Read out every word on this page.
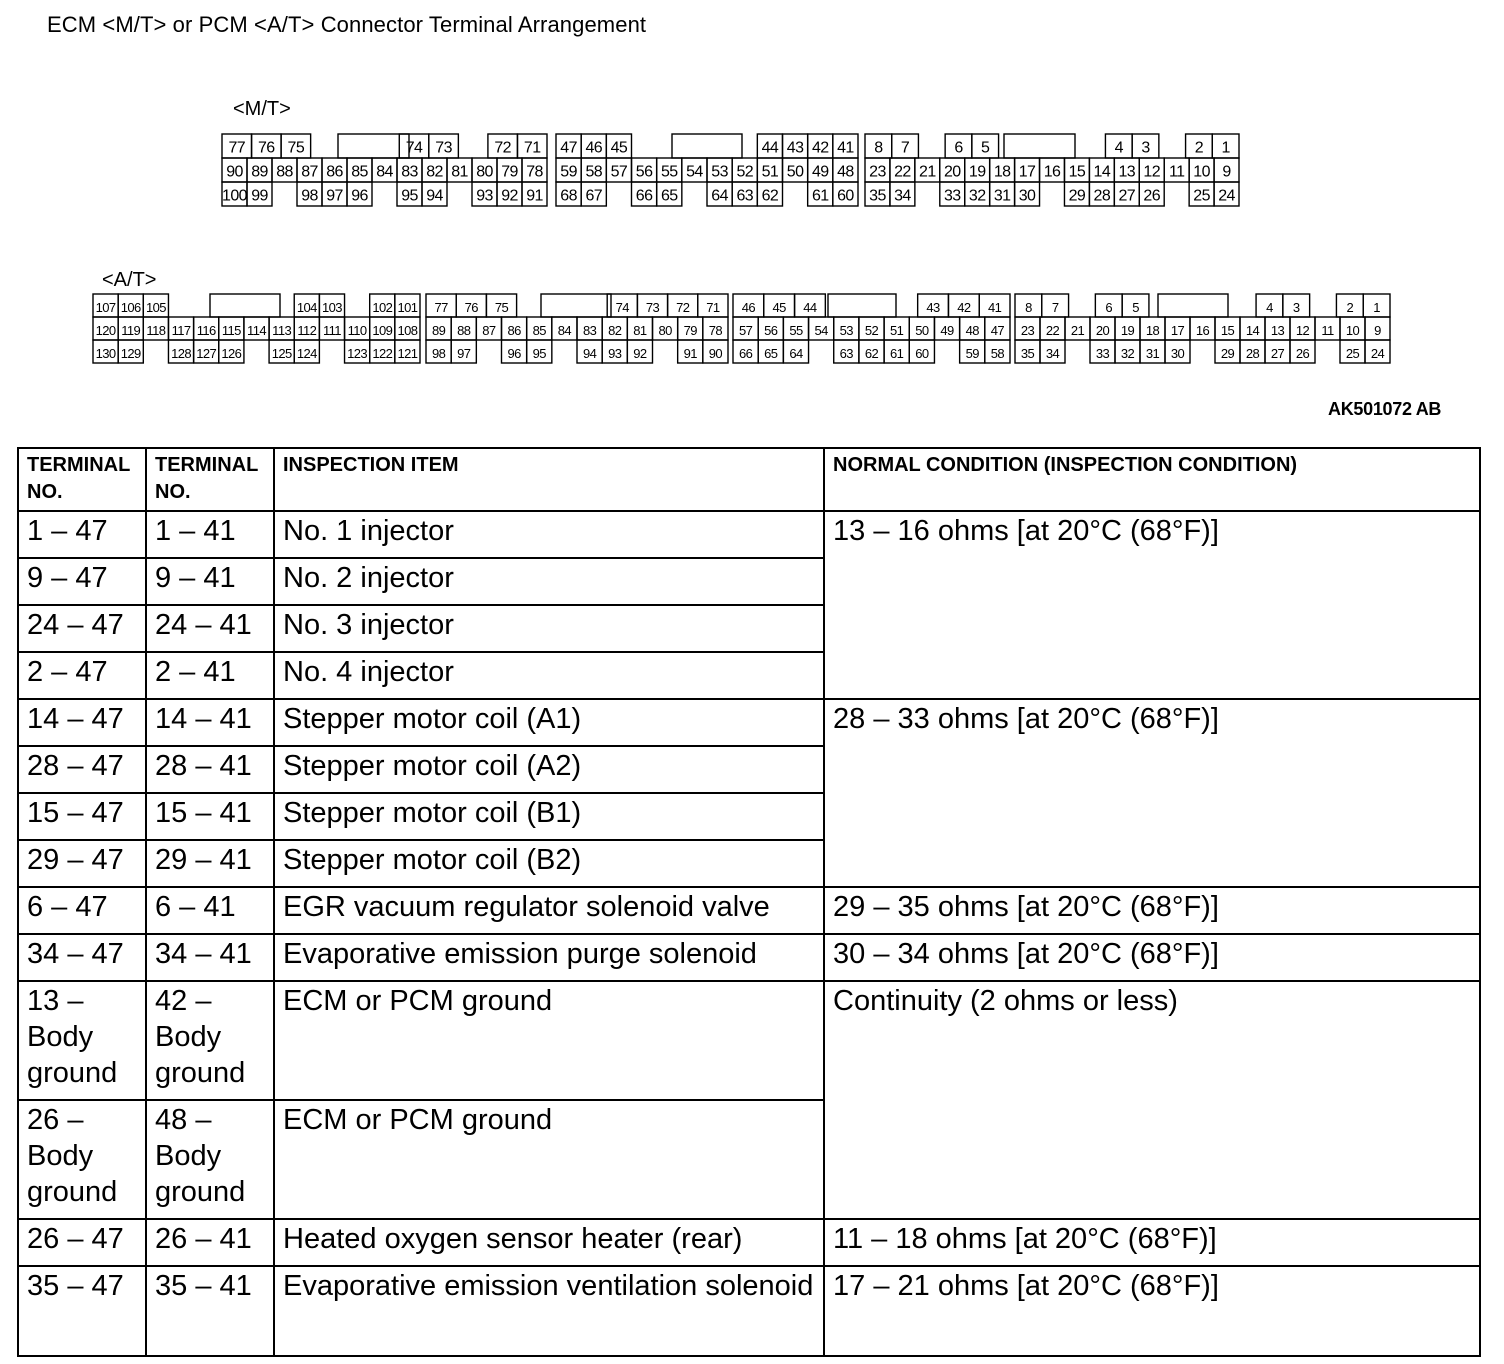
ECM <M/T> or PCM <A/T> Connector Terminal Arrangement
<M/T>
<A/T>
77 76 75	74 73	72 71
90 89 88 87 86 85 84 83 82 81 80 79 78
100 99 98 97 96 95 94 93 92 91
47 46 45	44 43 42 41
59 58 57 56 55 54 53 52 51 50 49 48
68 67 66 65 64 63 62 61 60
8 7	6 5	4 3	2 1
23 22 21 20 19 18 17 16 15 14 13 12 11 10 9
35 34 33 32 31 30 29 28 27 26 25 24
107 106 105	104 103 102 101
120 119 118 117 116 115 114 113 112 111 110 109 108
130 129 128 127 126 125 124 123 122 121
77 76 75	74 73 72 71
89 88 87 86 85 84 83 82 81 80 79 78
98 97	96 95	94 93 92	91 90
46 45 44	43 42 41
57 56 55 54 53 52 51 50 49 48 47
66 65 64	63 62 61 60	59 58
8 7	6 5	4 3	2 1
23 22 21 20 19 18 17 16 15 14 13 12 11 10 9
35 34	33 32 31 30	29 28 27 26	25 24
AK501072 AB
TERMINAL NO.	TERMINAL NO.	INSPECTION ITEM	NORMAL CONDITION (INSPECTION CONDITION)
1 – 47	1 – 41	No. 1 injector	13 – 16 ohms [at 20°C (68°F)]
9 – 47	9 – 41	No. 2 injector	
24 – 47	24 – 41	No. 3 injector	
2 – 47	2 – 41	No. 4 injector	
14 – 47	14 – 41	Stepper motor coil (A1)	28 – 33 ohms [at 20°C (68°F)]
28 – 47	28 – 41	Stepper motor coil (A2)	
15 – 47	15 – 41	Stepper motor coil (B1)	
29 – 47	29 – 41	Stepper motor coil (B2)	
6 – 47	6 – 41	EGR vacuum regulator solenoid valve	29 – 35 ohms [at 20°C (68°F)]
34 – 47	34 – 41	Evaporative emission purge solenoid	30 – 34 ohms [at 20°C (68°F)]
13 – Body ground	42 – Body ground	ECM or PCM ground	Continuity (2 ohms or less)
26 – Body ground	48 – Body ground	ECM or PCM ground	
26 – 47	26 – 41	Heated oxygen sensor heater (rear)	11 – 18 ohms [at 20°C (68°F)]
35 – 47	35 – 41	Evaporative emission ventilation solenoid	17 – 21 ohms [at 20°C (68°F)]
